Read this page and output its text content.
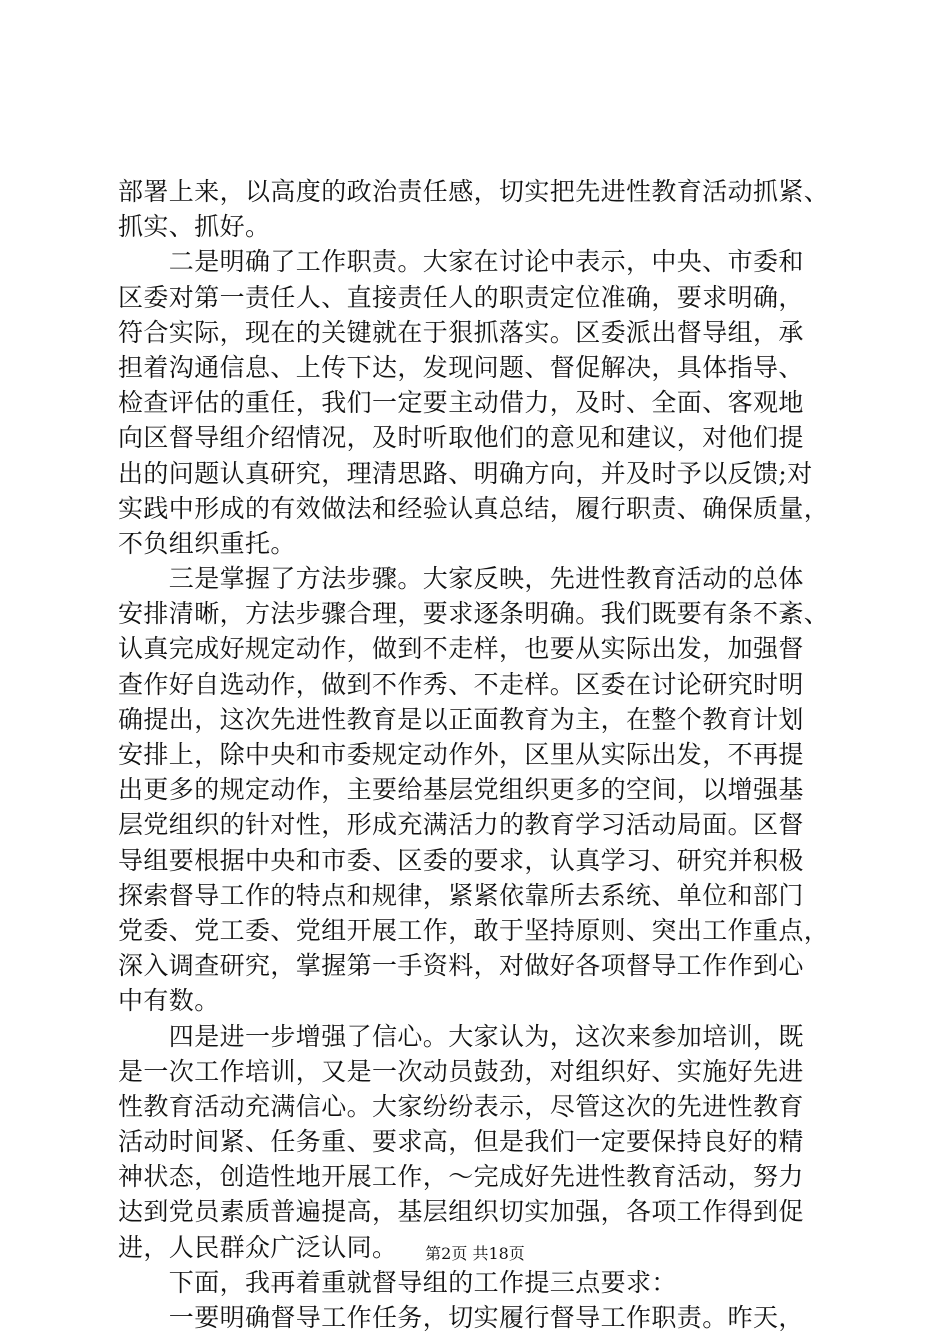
部署上来，以高度的政治责任感，切实把先进性教育活动抓紧、
抓实、抓好。
　　二是明确了工作职责。大家在讨论中表示，中央、市委和
区委对第一责任人、直接责任人的职责定位准确，要求明确，
符合实际，现在的关键就在于狠抓落实。区委派出督导组，承
担着沟通信息、上传下达，发现问题、督促解决，具体指导、
检查评估的重任，我们一定要主动借力，及时、全面、客观地
向区督导组介绍情况，及时听取他们的意见和建议，对他们提
出的问题认真研究，理清思路、明确方向，并及时予以反馈;对
实践中形成的有效做法和经验认真总结，履行职责、确保质量，
不负组织重托。
　　三是掌握了方法步骤。大家反映，先进性教育活动的总体
安排清晰，方法步骤合理，要求逐条明确。我们既要有条不紊、
认真完成好规定动作，做到不走样，也要从实际出发，加强督
查作好自选动作，做到不作秀、不走样。区委在讨论研究时明
确提出，这次先进性教育是以正面教育为主，在整个教育计划
安排上，除中央和市委规定动作外，区里从实际出发，不再提
出更多的规定动作，主要给基层党组织更多的空间，以增强基
层党组织的针对性，形成充满活力的教育学习活动局面。区督
导组要根据中央和市委、区委的要求，认真学习、研究并积极
探索督导工作的特点和规律，紧紧依靠所去系统、单位和部门
党委、党工委、党组开展工作，敢于坚持原则、突出工作重点，
深入调查研究，掌握第一手资料，对做好各项督导工作作到心
中有数。
　　四是进一步增强了信心。大家认为，这次来参加培训，既
是一次工作培训，又是一次动员鼓劲，对组织好、实施好先进
性教育活动充满信心。大家纷纷表示，尽管这次的先进性教育
活动时间紧、任务重、要求高，但是我们一定要保持良好的精
神状态，创造性地开展工作，～完成好先进性教育活动，努力
达到党员素质普遍提高，基层组织切实加强，各项工作得到促
进，人民群众广泛认同。
　　下面，我再着重就督导组的工作提三点要求：
　　一要明确督导工作任务，切实履行督导工作职责。昨天，
第2页 共18页
